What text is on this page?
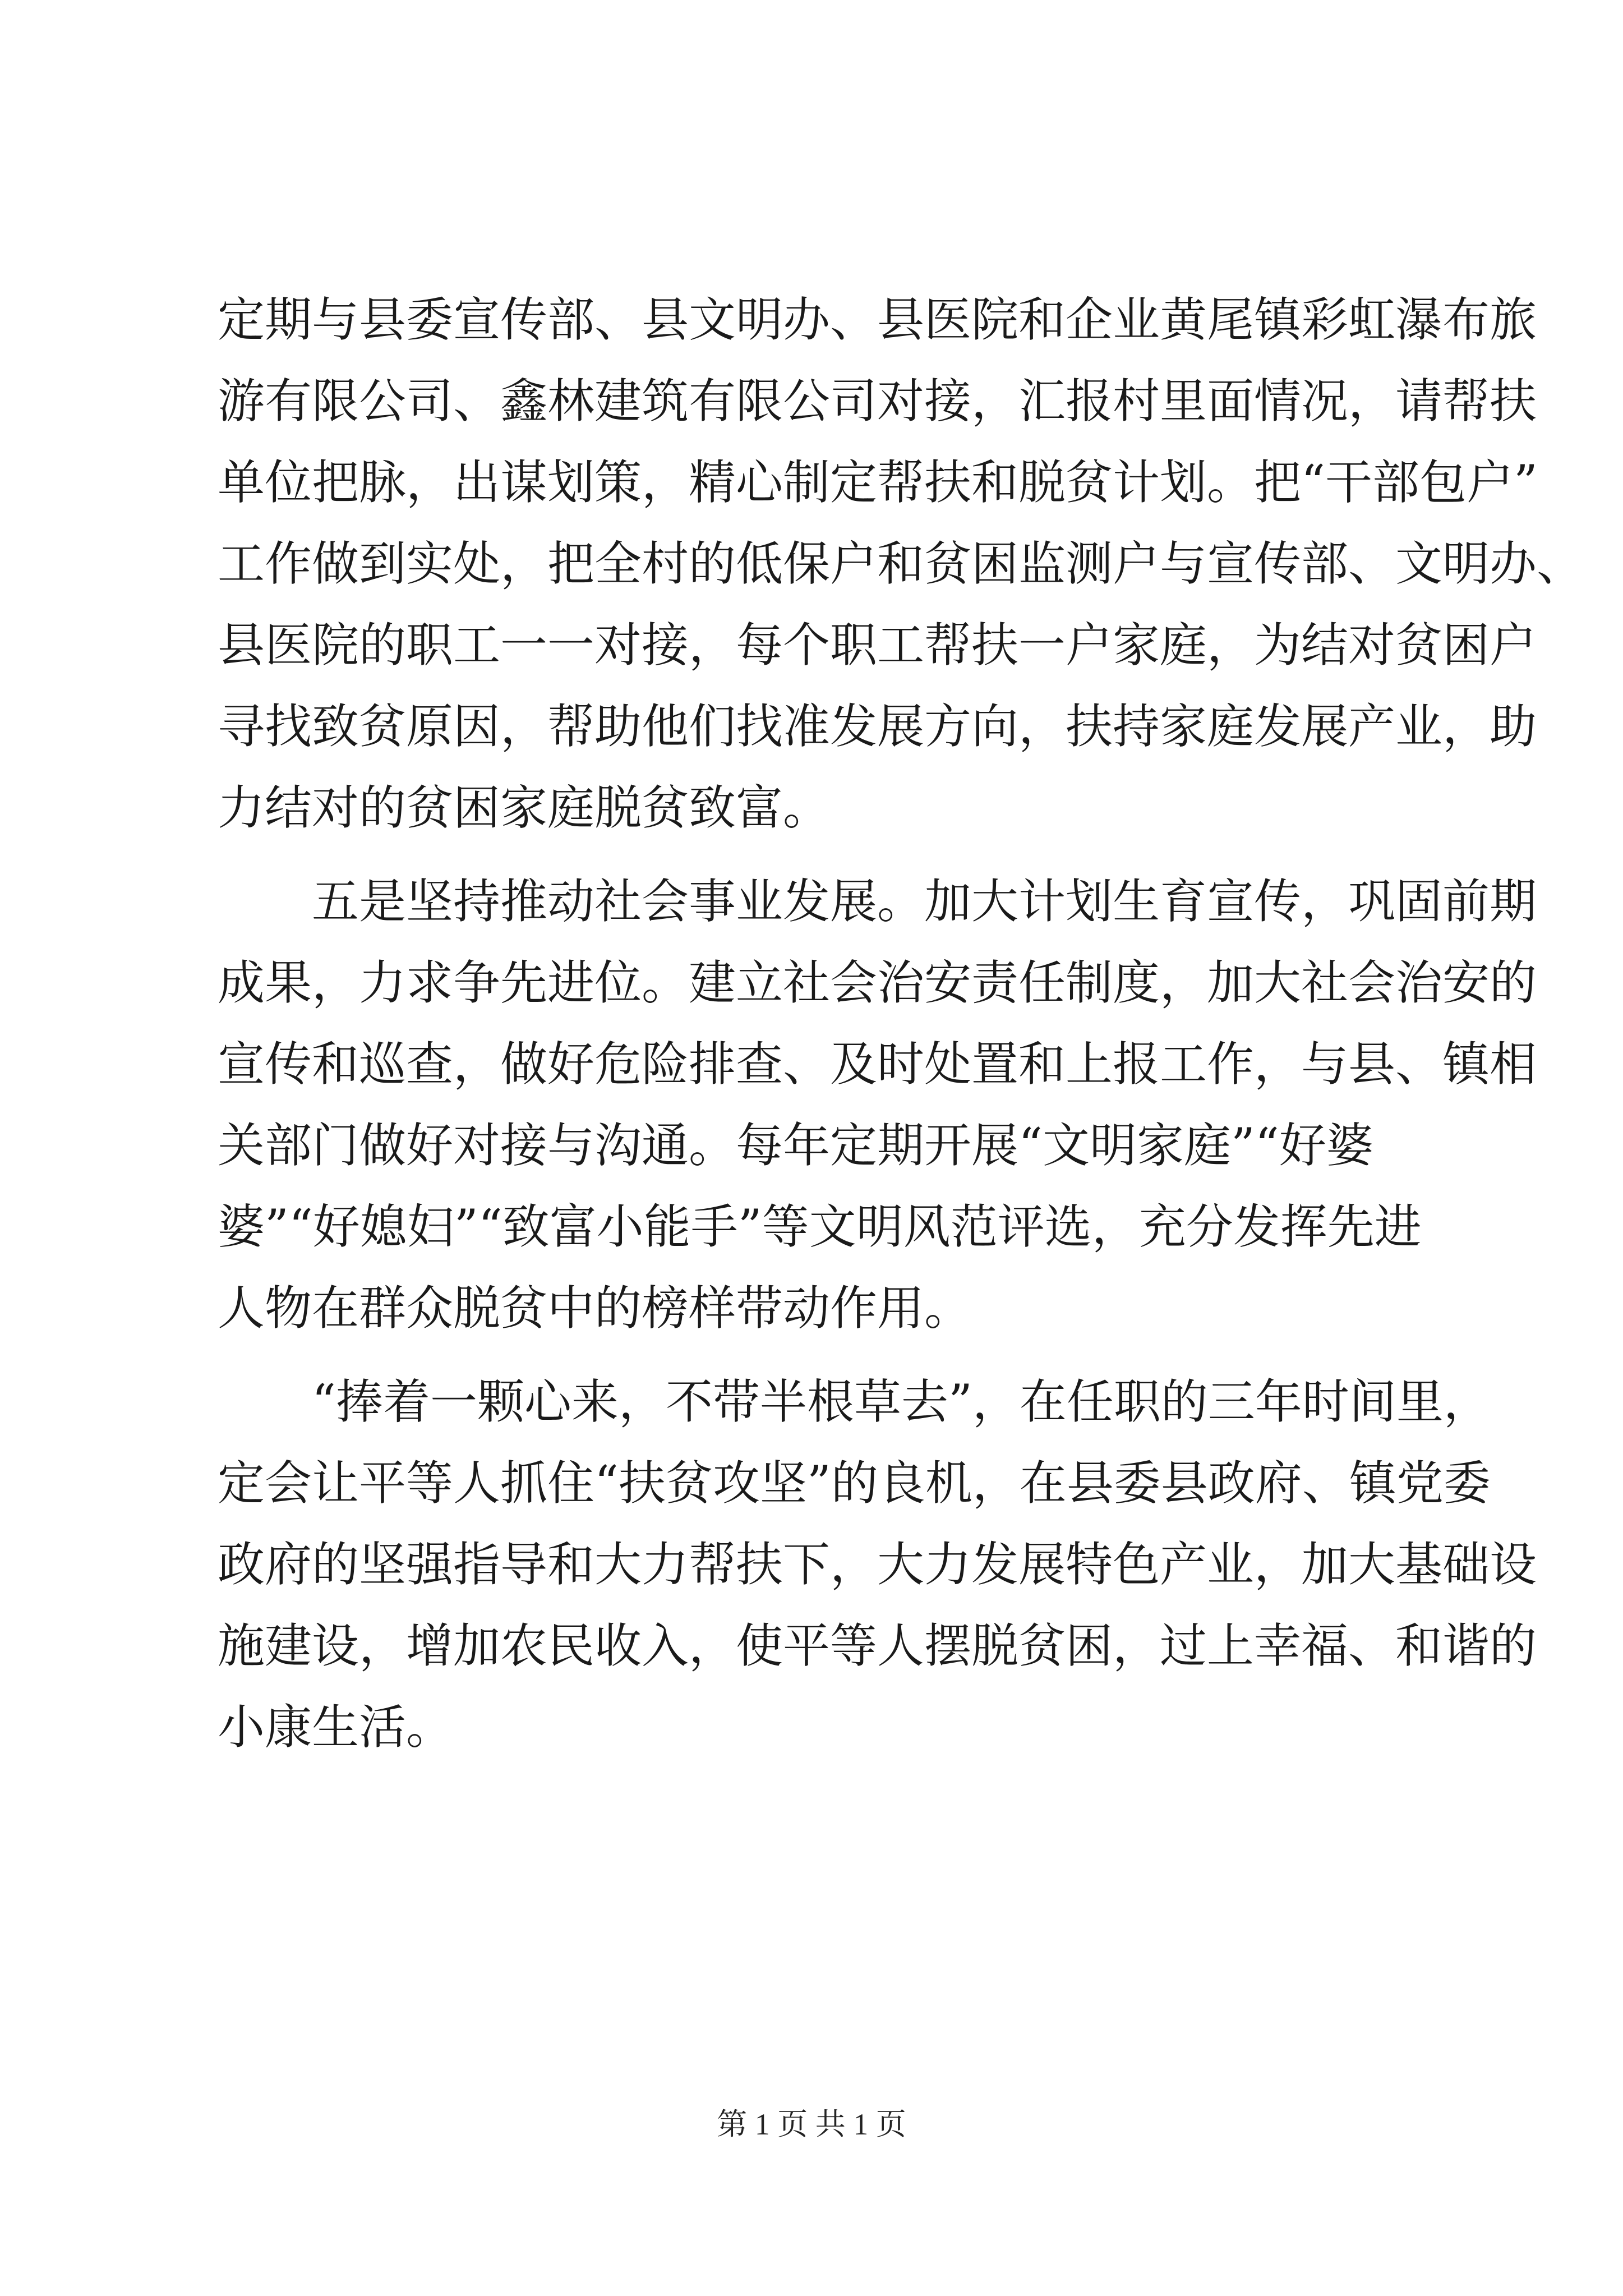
定期与县委宣传部、县文明办、县医院和企业黄尾镇彩虹瀑布旅
游有限公司、鑫林建筑有限公司对接，汇报村里面情况，请帮扶
单位把脉，出谋划策，精心制定帮扶和脱贫计划。把“干部包户”
工作做到实处，把全村的低保户和贫困监测户与宣传部、文明办、
县医院的职工一一对接，每个职工帮扶一户家庭，为结对贫困户
寻找致贫原因，帮助他们找准发展方向，扶持家庭发展产业，助
力结对的贫困家庭脱贫致富。
　　五是坚持推动社会事业发展。加大计划生育宣传，巩固前期
成果，力求争先进位。建立社会治安责任制度，加大社会治安的
宣传和巡查，做好危险排查、及时处置和上报工作，与县、镇相
关部门做好对接与沟通。每年定期开展“文明家庭”“好婆
婆”“好媳妇”“致富小能手”等文明风范评选，充分发挥先进
人物在群众脱贫中的榜样带动作用。
　　“捧着一颗心来，不带半根草去”，在任职的三年时间里，
定会让平等人抓住“扶贫攻坚”的良机，在县委县政府、镇党委
政府的坚强指导和大力帮扶下，大力发展特色产业，加大基础设
施建设，增加农民收入，使平等人摆脱贫困，过上幸福、和谐的
小康生活。
第 1 页 共 1 页
